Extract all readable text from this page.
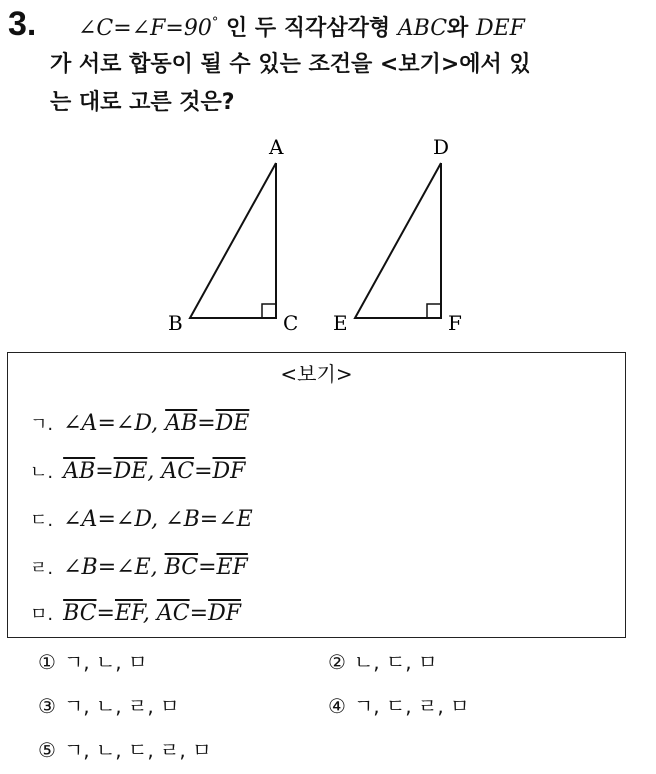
3. ∠C=∠F=90° 인 두 직각삼각형 ABC와 DEF
가 서로 합동이 될 수 있는 조건을 <보기>에서 있
는 대로 고른 것은?
A
B	C
D
E	F
<보기>
ㄱ. ∠A=∠D, $\overline{AB}=\overline{DE}$
ㄴ. $\overline{AB}=\overline{DE}$, $\overline{AC}=\overline{DF}$
ㄷ. ∠A=∠D, ∠B=∠E
ㄹ. ∠B=∠E, $\overline{BC}=\overline{EF}$
ㅁ. $\overline{BC}=\overline{EF}$, $\overline{AC}=\overline{DF}$
① ㄱ, ㄴ, ㅁ	② ㄴ, ㄷ, ㅁ
③ ㄱ, ㄴ, ㄹ, ㅁ	④ ㄱ, ㄷ, ㄹ, ㅁ
⑤ ㄱ, ㄴ, ㄷ, ㄹ, ㅁ
